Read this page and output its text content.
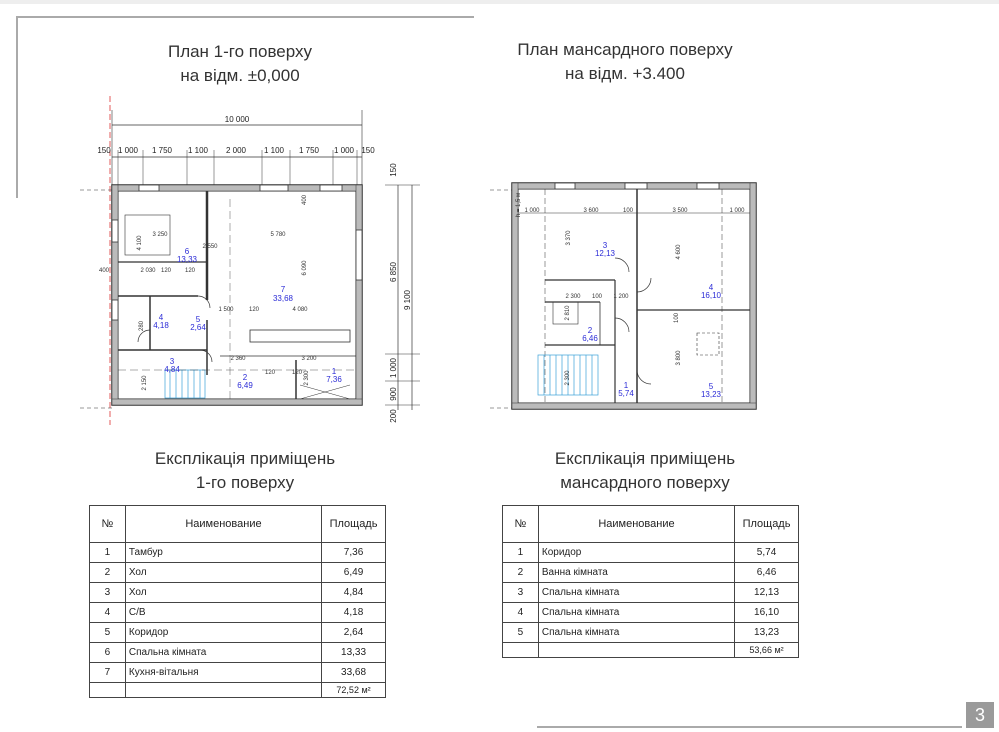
План 1-го поверху
на відм. ±0,000
План мансардного поверху
на відм. +3.400
10 000
150 1 000 1 750 1 100 2 000 1 100 1 750 1 000 150
150
6 850
9 100
1 000
900
200
3 250
4 100
5 780
400
6 090
2 030 120 120
1 500	120	4 080
2 360	3 200
120	2 300
120
400
2 550
280
2 150
6
13,33
7
33,68
4
4,18
5
2,64
3
4,84
2
6,49
1
7,36
1 000	3 600	100	3 500	1 000
h = 1,5 м
3 370
4 600
2 300 100 1 200
2 810
3 800
2 300
100
3
12,13
4
16,10
2
6,46
1
5,74
5
13,23
Експлікація приміщень
1-го поверху
Експлікація приміщень
мансардного поверху
№	Наименование	Площадь
1	Тамбур	7,36
2	Хол	6,49
3	Хол	4,84
4	С/В	4,18
5	Коридор	2,64
6	Спальна кімната	13,33
7	Кухня-вітальня	33,68
		72,52 м²
№	Наименование	Площадь
1	Коридор	5,74
2	Ванна кімната	6,46
3	Спальна кімната	12,13
4	Спальна кімната	16,10
5	Спальна кімната	13,23
		53,66 м²
3
